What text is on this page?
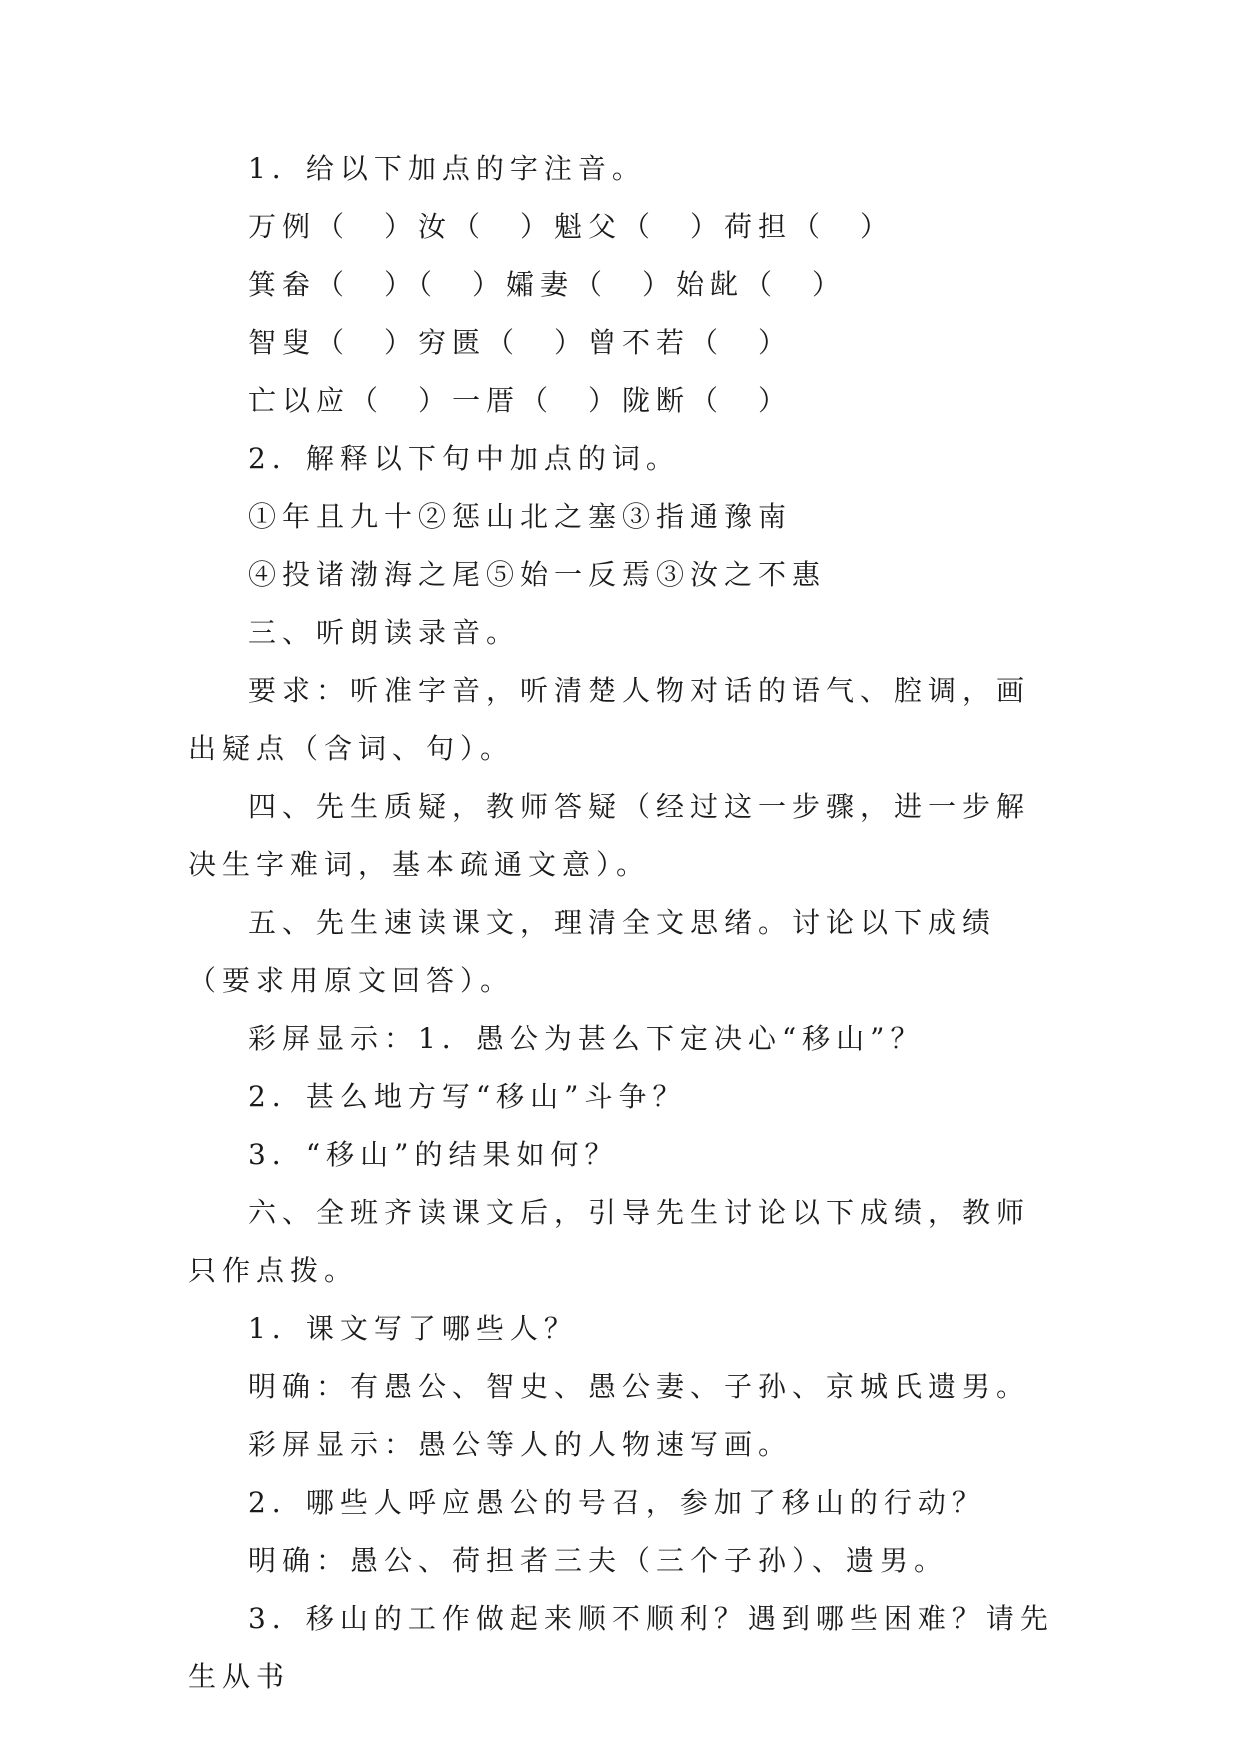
1．给以下加点的字注音。

万例（　）汝（　）魁父（　）荷担（　）

箕畚（　）（　）孀妻（　）始龀（　）

智叟（　）穷匮（　）曾不若（　）

亡以应（　）一厝（　）陇断（　）

2．解释以下句中加点的词。

①年且九十②惩山北之塞③指通豫南

④投诸渤海之尾⑤始一反焉③汝之不惠

三、听朗读录音。

要求：听准字音，听清楚人物对话的语气、腔调，画出疑点（含词、句）。

四、先生质疑，教师答疑（经过这一步骤，进一步解决生字难词，基本疏通文意）。

五、先生速读课文，理清全文思绪。讨论以下成绩（要求用原文回答）。

彩屏显示：1．愚公为甚么下定决心“移山”？

2．甚么地方写“移山”斗争？

3．“移山”的结果如何？

六、全班齐读课文后，引导先生讨论以下成绩，教师只作点拨。

1．课文写了哪些人？

明确：有愚公、智史、愚公妻、子孙、京城氏遗男。

彩屏显示：愚公等人的人物速写画。

2．哪些人呼应愚公的号召，参加了移山的行动？

明确：愚公、荷担者三夫（三个子孙）、遗男。

3．移山的工作做起来顺不顺利？遇到哪些困难？请先生从书
